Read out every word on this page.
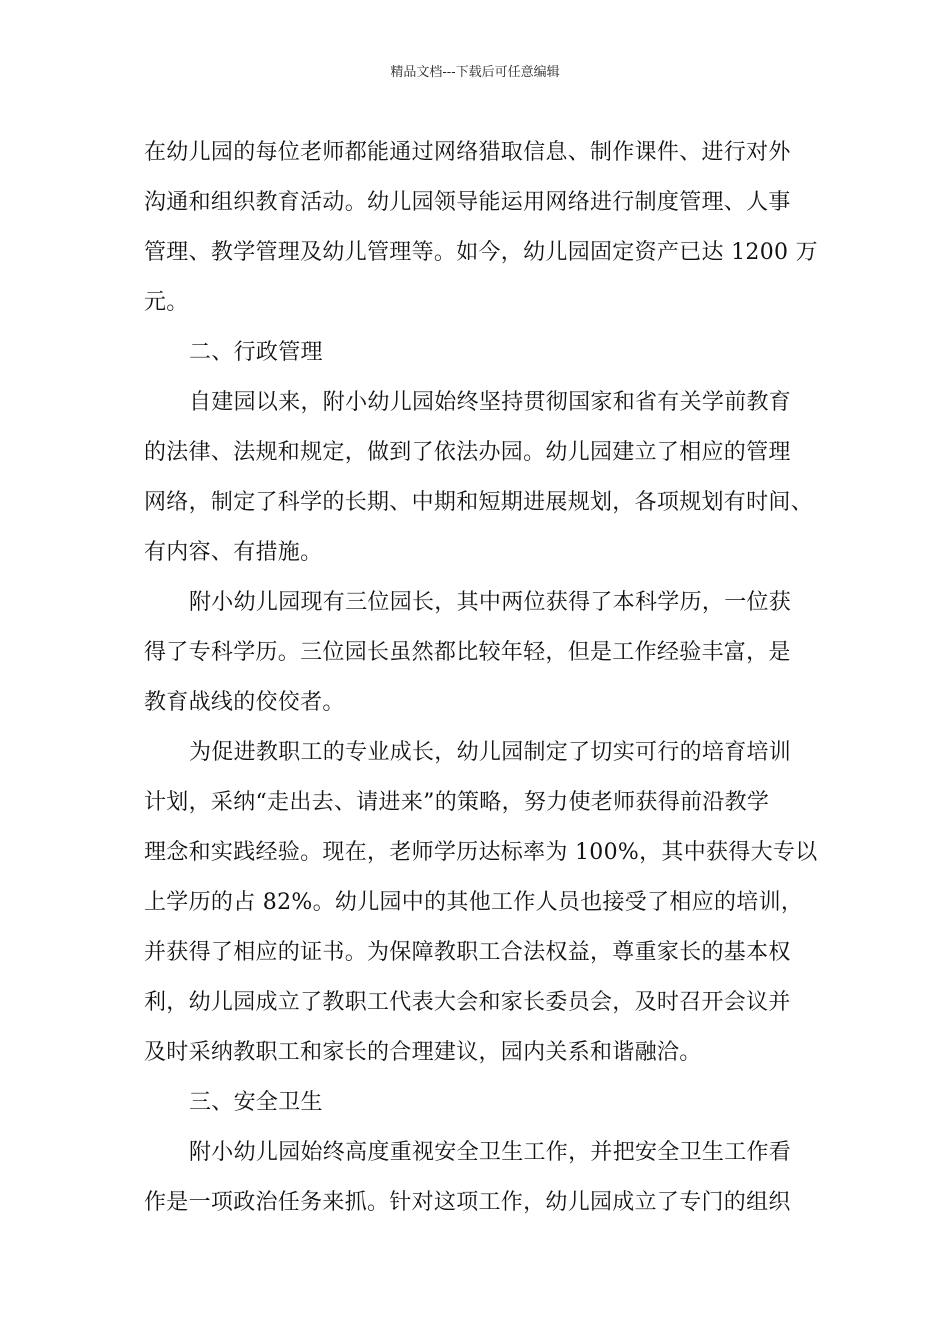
精品文档---下载后可任意编辑
在幼儿园的每位老师都能通过网络猎取信息、制作课件、进行对外
沟通和组织教育活动。幼儿园领导能运用网络进行制度管理、人事
管理、教学管理及幼儿管理等。如今，幼儿园固定资产已达 1200 万
元。
二、行政管理
自建园以来，附小幼儿园始终坚持贯彻国家和省有关学前教育
的法律、法规和规定，做到了依法办园。幼儿园建立了相应的管理
网络，制定了科学的长期、中期和短期进展规划，各项规划有时间、
有内容、有措施。
附小幼儿园现有三位园长，其中两位获得了本科学历，一位获
得了专科学历。三位园长虽然都比较年轻，但是工作经验丰富，是
教育战线的佼佼者。
为促进教职工的专业成长，幼儿园制定了切实可行的培育培训
计划，采纳“走出去、请进来”的策略，努力使老师获得前沿教学
理念和实践经验。现在，老师学历达标率为 100%，其中获得大专以
上学历的占 82%。幼儿园中的其他工作人员也接受了相应的培训，
并获得了相应的证书。为保障教职工合法权益，尊重家长的基本权
利，幼儿园成立了教职工代表大会和家长委员会，及时召开会议并
及时采纳教职工和家长的合理建议，园内关系和谐融洽。
三、安全卫生
附小幼儿园始终高度重视安全卫生工作，并把安全卫生工作看
作是一项政治任务来抓。针对这项工作，幼儿园成立了专门的组织
